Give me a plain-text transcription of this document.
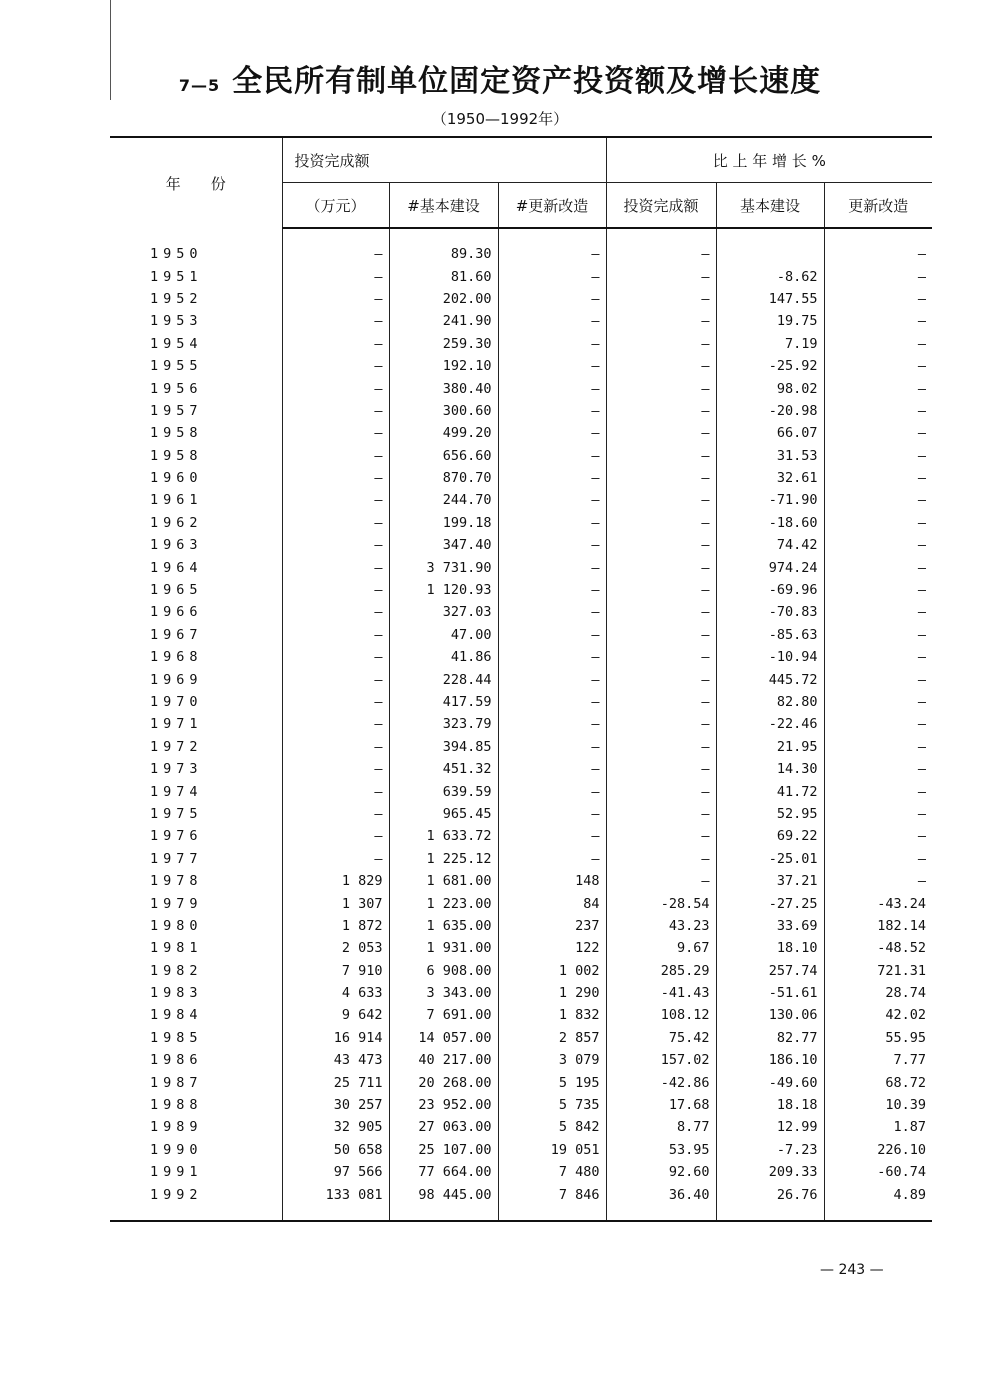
7—5 全民所有制单位固定资产投资额及增长速度
（1950—1992年）
年　　份	投资完成额			比 上 年 增 长 %		
	（万元）	#基本建设	#更新改造	投资完成额	基本建设	更新改造
1950	—	89.30	—	—		—
1951	—	81.60	—	—	-8.62	—
1952	—	202.00	—	—	147.55	—
1953	—	241.90	—	—	19.75	—
1954	—	259.30	—	—	7.19	—
1955	—	192.10	—	—	-25.92	—
1956	—	380.40	—	—	98.02	—
1957	—	300.60	—	—	-20.98	—
1958	—	499.20	—	—	66.07	—
1958	—	656.60	—	—	31.53	—
1960	—	870.70	—	—	32.61	—
1961	—	244.70	—	—	-71.90	—
1962	—	199.18	—	—	-18.60	—
1963	—	347.40	—	—	74.42	—
1964	—	3 731.90	—	—	974.24	—
1965	—	1 120.93	—	—	-69.96	—
1966	—	327.03	—	—	-70.83	—
1967	—	47.00	—	—	-85.63	—
1968	—	41.86	—	—	-10.94	—
1969	—	228.44	—	—	445.72	—
1970	—	417.59	—	—	82.80	—
1971	—	323.79	—	—	-22.46	—
1972	—	394.85	—	—	21.95	—
1973	—	451.32	—	—	14.30	—
1974	—	639.59	—	—	41.72	—
1975	—	965.45	—	—	52.95	—
1976	—	1 633.72	—	—	69.22	—
1977	—	1 225.12	—	—	-25.01	—
1978	1 829	1 681.00	148	—	37.21	—
1979	1 307	1 223.00	84	-28.54	-27.25	-43.24
1980	1 872	1 635.00	237	43.23	33.69	182.14
1981	2 053	1 931.00	122	9.67	18.10	-48.52
1982	7 910	6 908.00	1 002	285.29	257.74	721.31
1983	4 633	3 343.00	1 290	-41.43	-51.61	28.74
1984	9 642	7 691.00	1 832	108.12	130.06	42.02
1985	16 914	14 057.00	2 857	75.42	82.77	55.95
1986	43 473	40 217.00	3 079	157.02	186.10	7.77
1987	25 711	20 268.00	5 195	-42.86	-49.60	68.72
1988	30 257	23 952.00	5 735	17.68	18.18	10.39
1989	32 905	27 063.00	5 842	8.77	12.99	1.87
1990	50 658	25 107.00	19 051	53.95	-7.23	226.10
1991	97 566	77 664.00	7 480	92.60	209.33	-60.74
1992	133 081	98 445.00	7 846	36.40	26.76	4.89
— 243 —
